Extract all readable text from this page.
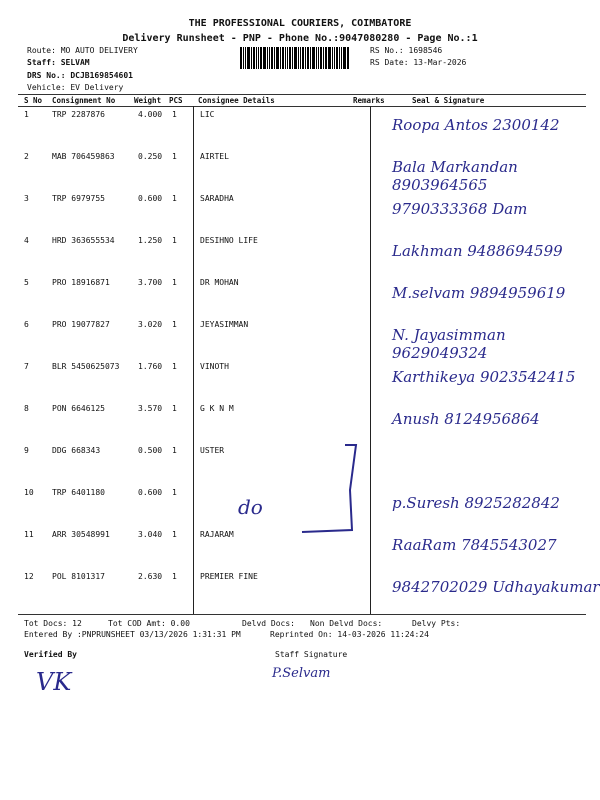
THE PROFESSIONAL COURIERS, COIMBATORE
Delivery Runsheet - PNP - Phone No.:9047080280 - Page No.:1
Route: MO AUTO DELIVERY
Staff: SELVAM
DRS No.: DCJB169854601
Vehicle: EV Delivery
RS No.: 1698546
RS Date: 13-Mar-2026
S No Consignment No	Weight PCS Consignee Details	Remarks	Seal & Signature
1	TRP 2287876	4.000 1	LIC
Roopa Antos 2300142
2	MAB 706459863	0.250 1	AIRTEL
Bala Markandan 8903964565
3	TRP 6979755	0.600 1	SARADHA
9790333368 Dam
4	HRD 363655534	1.250 1	DESIHNO LIFE
Lakhman 9488694599
5	PRO 18916871	3.700 1	DR MOHAN
M.selvam 9894959619
6	PRO 19077827	3.020 1	JEYASIMMAN
N. Jayasimman 9629049324
7	BLR 5450625073 1.760 1	VINOTH
Karthikeya 9023542415
8	PON 6646125	3.570 1	G K N M
Anush 8124956864
9	DDG 668343	0.500 1	USTER
10 TRP 6401180	0.600 1
p.Suresh 8925282842
11 ARR 30548991	3.040 1	RAJARAM
RaaRam 7845543027
12 POL 8101317	2.630 1	PREMIER FINE
9842702029 Udhayakumar
do
Tot Docs: 12	Tot COD Amt: 0.00	Delvd Docs: Non Delvd Docs:	Delvy Pts:
Entered By :PNPRUNSHEET 03/13/2026 1:31:31 PM	Reprinted On: 14-03-2026 11:24:24
Verified By	Staff Signature
VK	P.Selvam
